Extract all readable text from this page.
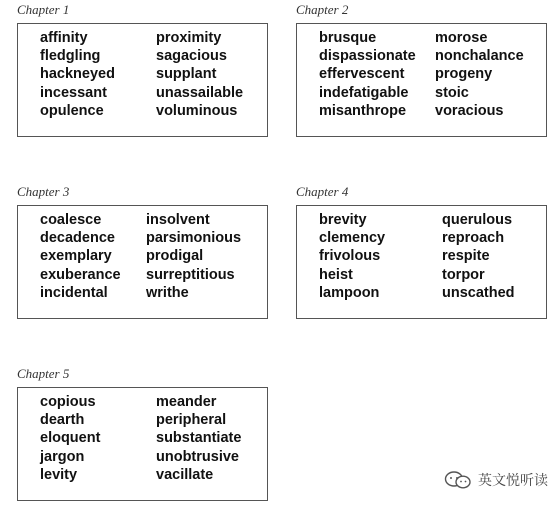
Chapter 1
affinity
fledgling
hackneyed
incessant
opulence
proximity
sagacious
supplant
unassailable
voluminous
Chapter 2
brusque
dispassionate
effervescent
indefatigable
misanthrope
morose
nonchalance
progeny
stoic
voracious
Chapter 3
coalesce
decadence
exemplary
exuberance
incidental
insolvent
parsimonious
prodigal
surreptitious
writhe
Chapter 4
brevity
clemency
frivolous
heist
lampoon
querulous
reproach
respite
torpor
unscathed
Chapter 5
copious
dearth
eloquent
jargon
levity
meander
peripheral
substantiate
unobtrusive
vacillate	英文悦听读
